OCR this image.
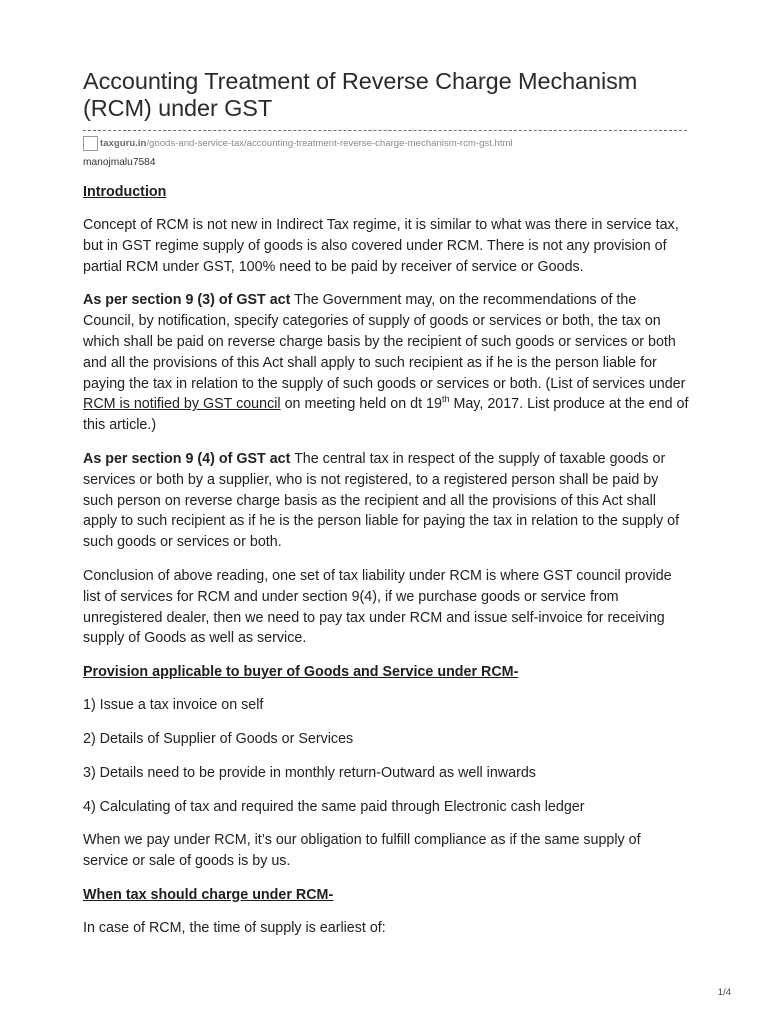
Accounting Treatment of Reverse Charge Mechanism (RCM) under GST
taxguru.in/goods-and-service-tax/accounting-treatment-reverse-charge-mechanism-rcm-gst.html
manojmalu7584

Introduction

Concept of RCM is not new in Indirect Tax regime, it is similar to what was there in service tax, but in GST regime supply of goods is also covered under RCM. There is not any provision of partial RCM under GST, 100% need to be paid by receiver of service or Goods.

As per section 9 (3) of GST act The Government may, on the recommendations of the Council, by notification, specify categories of supply of goods or services or both, the tax on which shall be paid on reverse charge basis by the recipient of such goods or services or both and all the provisions of this Act shall apply to such recipient as if he is the person liable for paying the tax in relation to the supply of such goods or services or both. (List of services under RCM is notified by GST council on meeting held on dt 19th May, 2017. List produce at the end of this article.)

As per section 9 (4) of GST act The central tax in respect of the supply of taxable goods or services or both by a supplier, who is not registered, to a registered person shall be paid by such person on reverse charge basis as the recipient and all the provisions of this Act shall apply to such recipient as if he is the person liable for paying the tax in relation to the supply of such goods or services or both.

Conclusion of above reading, one set of tax liability under RCM is where GST council provide list of services for RCM and under section 9(4), if we purchase goods or service from unregistered dealer, then we need to pay tax under RCM and issue self-invoice for receiving supply of Goods as well as service.

Provision applicable to buyer of Goods and Service under RCM-

1) Issue a tax invoice on self

2) Details of Supplier of Goods or Services

3) Details need to be provide in monthly return-Outward as well inwards

4) Calculating of tax and required the same paid through Electronic cash ledger

When we pay under RCM, it’s our obligation to fulfill compliance as if the same supply of service or sale of goods is by us.

When tax should charge under RCM-

In case of RCM, the time of supply is earliest of:

1/4
